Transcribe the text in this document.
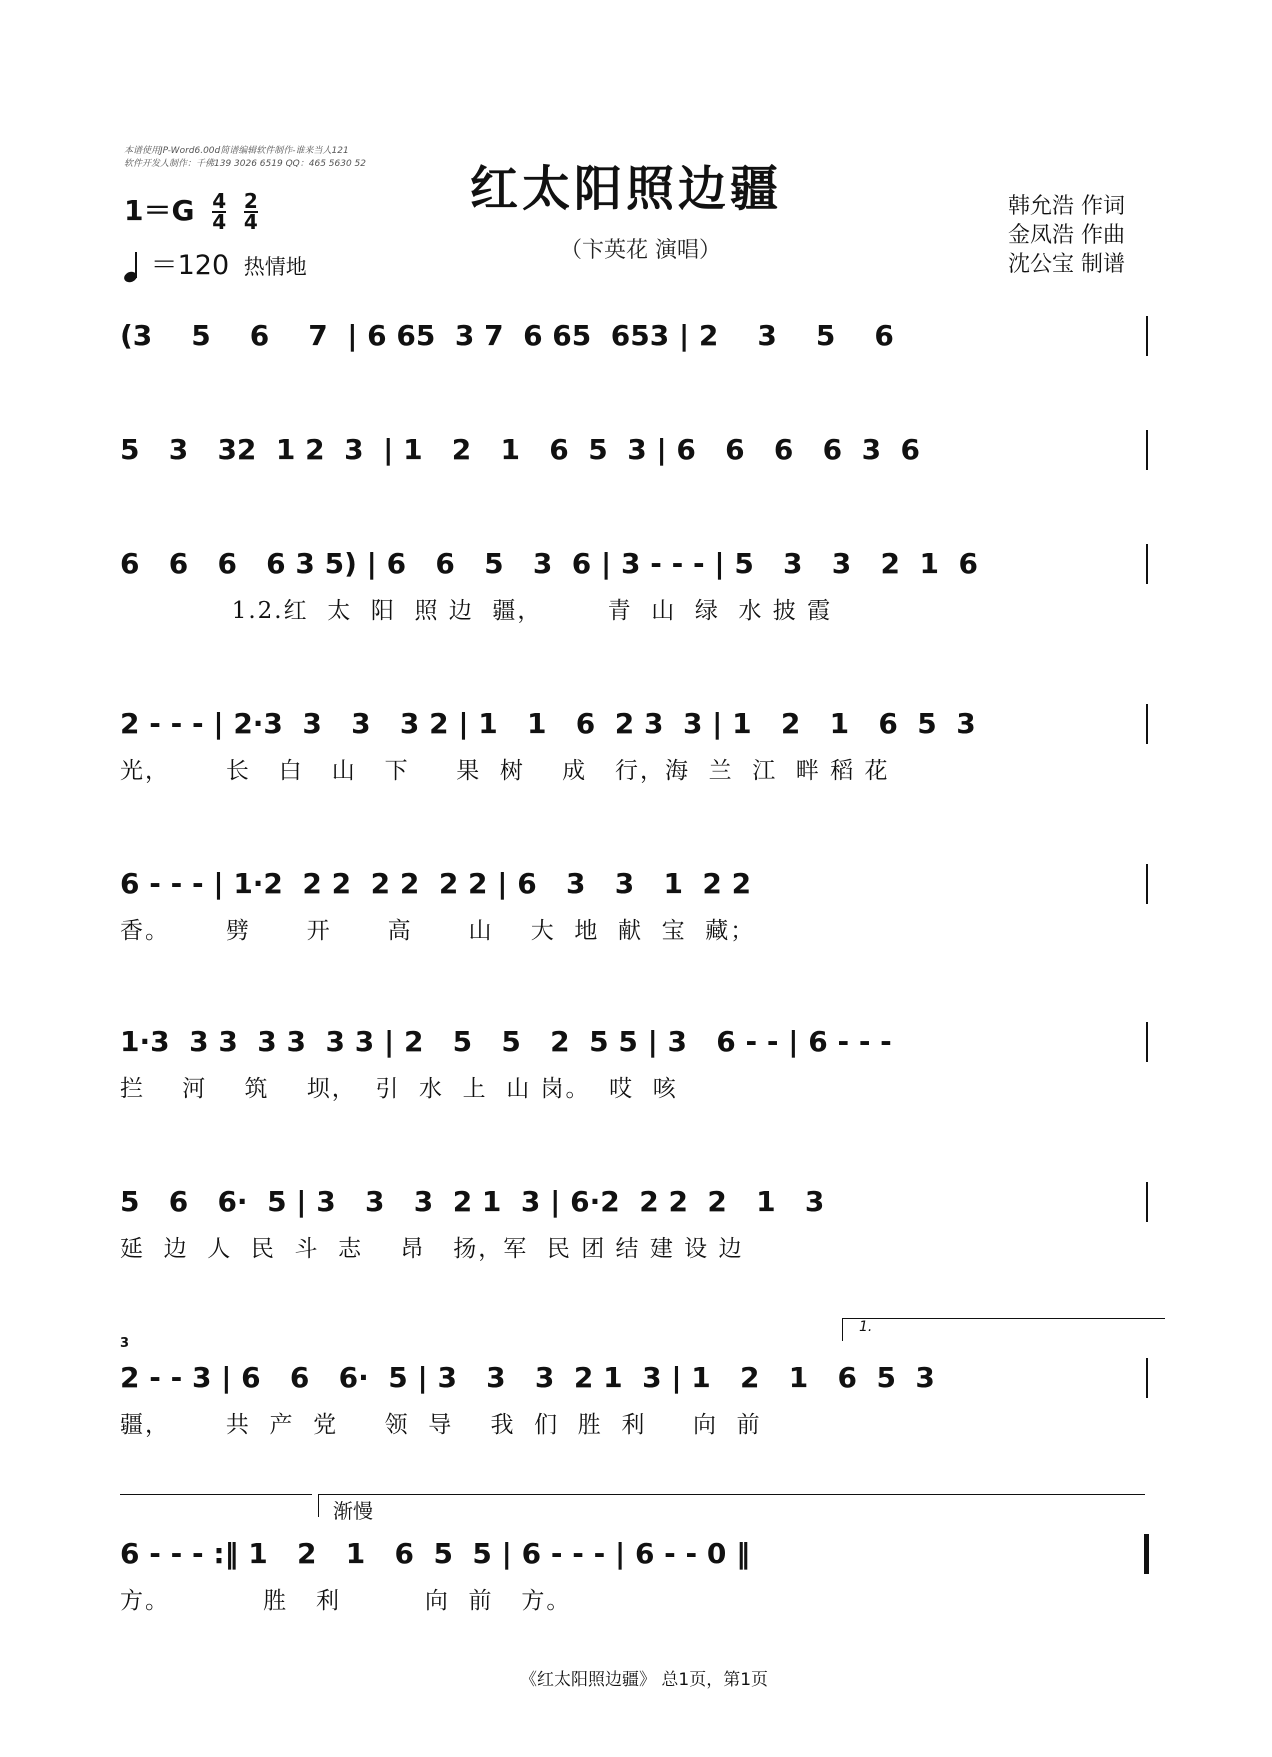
本谱使用JP-Word6.00d简谱编辑软件制作-谁来当人121
软件开发人制作：千佛139 3026 6519 QQ：465 5630 52 红太阳照边疆
（卞英花 演唱）
韩允浩 作词
金凤浩 作曲
沈公宝 制谱
$1=G \frac{4}{4}$
$\frac{2}{4}$
＝120 热情地
(3    5    6    7  | 6 65  3 7  6 65  653 | 2    3    5    6
5   3   32  1 2  3  | 1   2   1   6  5  3 | 6   6   6   6  3  6
6   6   6   6 3 5) | 6   6   5   3  6 | 3 - - - | 5   3   3   2  1  6
1.2.红  太  阳  照 边  疆，       青  山  绿  水 披 霞
2 - - - | 2·3  3   3   3 2 | 1   1   6  2 3  3 | 1   2   1   6  5  3
光，      长   白   山   下     果  树    成   行，海  兰  江  畔 稻 花
6 - - - | 1·2  2 2  2 2  2 2 | 6   3   3   1  2 2
香。      劈      开      高      山    大  地  献  宝  藏；
1·3  3 3  3 3  3 3 | 2   5   5   2  5 5 | 3   6 - - | 6 - - -
拦    河    筑    坝，  引  水  上  山 岗。  哎  咳
5   6   6·  5 | 3   3   3  2 1  3 | 6·2  2 2  2   1   3
延  边  人  民  斗  志    昂   扬，军  民 团 结 建 设 边
3
1.
2 - - 3 | 6   6   6·  5 | 3   3   3  2 1  3 | 1   2   1   6  5  3
疆，      共  产  党     领  导    我  们  胜  利     向  前
渐慢
6 - - - :‖ 1   2   1   6  5  5 | 6 - - - | 6 - - 0 ‖
方。          胜   利         向  前   方。
《红太阳照边疆》 总1页，第1页
